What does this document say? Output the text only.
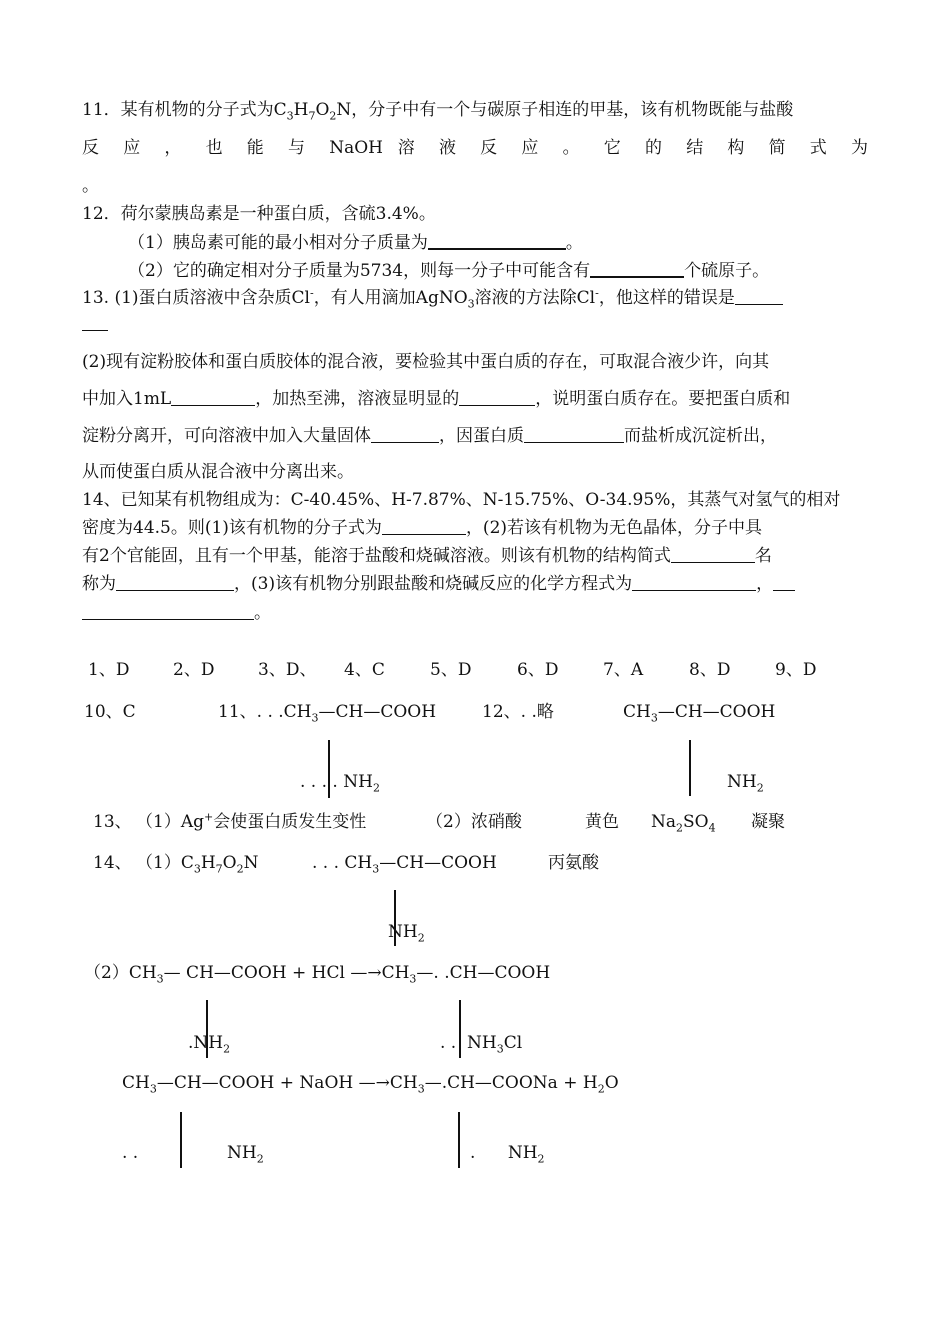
11．某有机物的分子式为$C_3H_7O_2N$，分子中有一个与碳原子相连的甲基，该有机物既能与盐酸
反 应 ， 也 能 与 NaOH 溶 液 反 应 。 它 的 结 构 简 式 为
。
12．荷尔蒙胰岛素是一种蛋白质，含硫3.4%。
（1）胰岛素可能的最小相对分子质量为	。
（2）它的确定相对分子质量为5734，则每一分子中可能含有	个硫原子。
13. (1)蛋白质溶液中含杂质Cl-，有人用滴加AgNO$_3$溶液的方法除Cl-，他这样的错误是
(2)现有淀粉胶体和蛋白质胶体的混合液，要检验其中蛋白质的存在，可取混合液少许，向其
中加入1mL	，加热至沸，溶液显明显的	，说明蛋白质存在。要把蛋白质和
淀粉分离开，可向溶液中加入大量固体	，因蛋白质	而盐析成沉淀析出，
从而使蛋白质从混合液中分离出来。
14、已知某有机物组成为：C-40.45%、H-7.87%、N-15.75%、O-34.95%，其蒸气对氢气的相对
密度为44.5。则(1)该有机物的分子式为	，(2)若该有机物为无色晶体，分子中具
有2个官能固，且有一个甲基，能溶于盐酸和烧碱溶液。则该有机物的结构简式	名
称为	，(3)该有机物分别跟盐酸和烧碱反应的化学方程式为	，
。
1、D	2、D	3、D、 4、C	5、D	6、D	7、A	8、D	9、D
10、C	11、. . $.CH_3—CH—COOH$	12、. .略	$CH_3—CH—COOH$
. . . . $NH_2$	$NH_2$
13、 （1）Ag+会使蛋白质发生变性	（2）浓硝酸	黄色 $Na_2SO_4$ 凝聚
14、 $(1)C_3H_7O_2N$	. . . $CH_3—CH—COOH$	丙氨酸
$NH_2$
$(2)CH_3—$ CH—COOH + HCl $—\to CH_3—$. .CH—COOH
$.NH_2$	. .  $NH_3Cl$
$CH_3—CH—COOH$ + NaOH $—\to CH_3—.CH—COONa + H_2O$
. .	$NH_2$	.      $NH_2$
